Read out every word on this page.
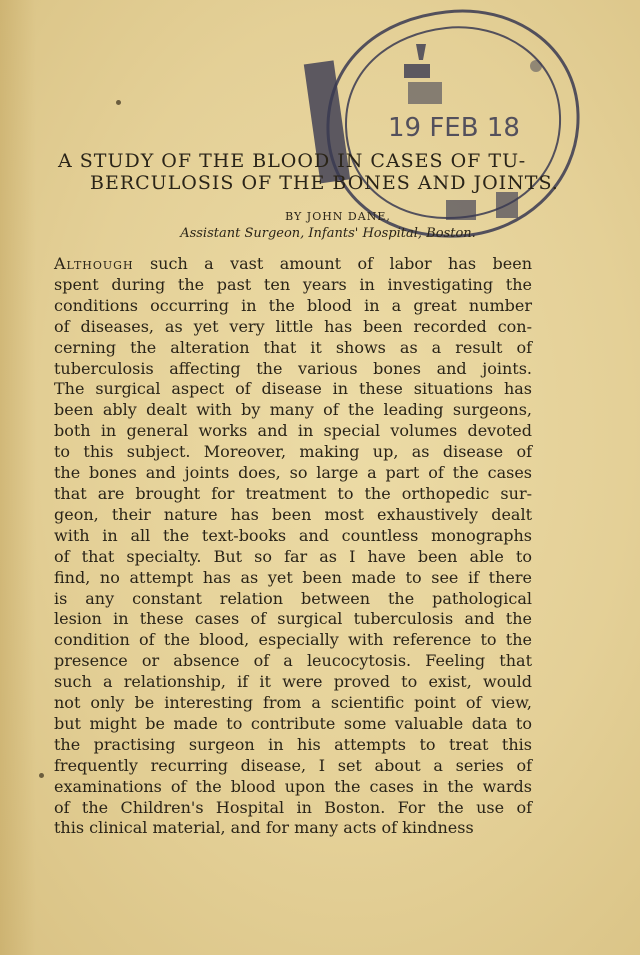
19 FEB 18
A STUDY OF THE BLOOD IN CASES OF TU-
BERCULOSIS OF THE BONES AND JOINTS.
BY JOHN DANE,
Assistant Surgeon, Infants' Hospital, Boston.
Although such a vast amount of labor has been
spent during the past ten years in investigating the
conditions occurring in the blood in a great number
of diseases, as yet very little has been recorded con-
cerning the alteration that it shows as a result of
tuberculosis affecting the various bones and joints.
The surgical aspect of disease in these situations has
been ably dealt with by many of the leading surgeons,
both in general works and in special volumes devoted
to this subject. Moreover, making up, as disease of
the bones and joints does, so large a part of the cases
that are brought for treatment to the orthopedic sur-
geon, their nature has been most exhaustively dealt
with in all the text-books and countless monographs
of that specialty. But so far as I have been able to
find, no attempt has as yet been made to see if there
is any constant relation between the pathological
lesion in these cases of surgical tuberculosis and the
condition of the blood, especially with reference to the
presence or absence of a leucocytosis. Feeling that
such a relationship, if it were proved to exist, would
not only be interesting from a scientific point of view,
but might be made to contribute some valuable data to
the practising surgeon in his attempts to treat this
frequently recurring disease, I set about a series of
examinations of the blood upon the cases in the wards
of the Children's Hospital in Boston. For the use of
this clinical material, and for many acts of kindness
